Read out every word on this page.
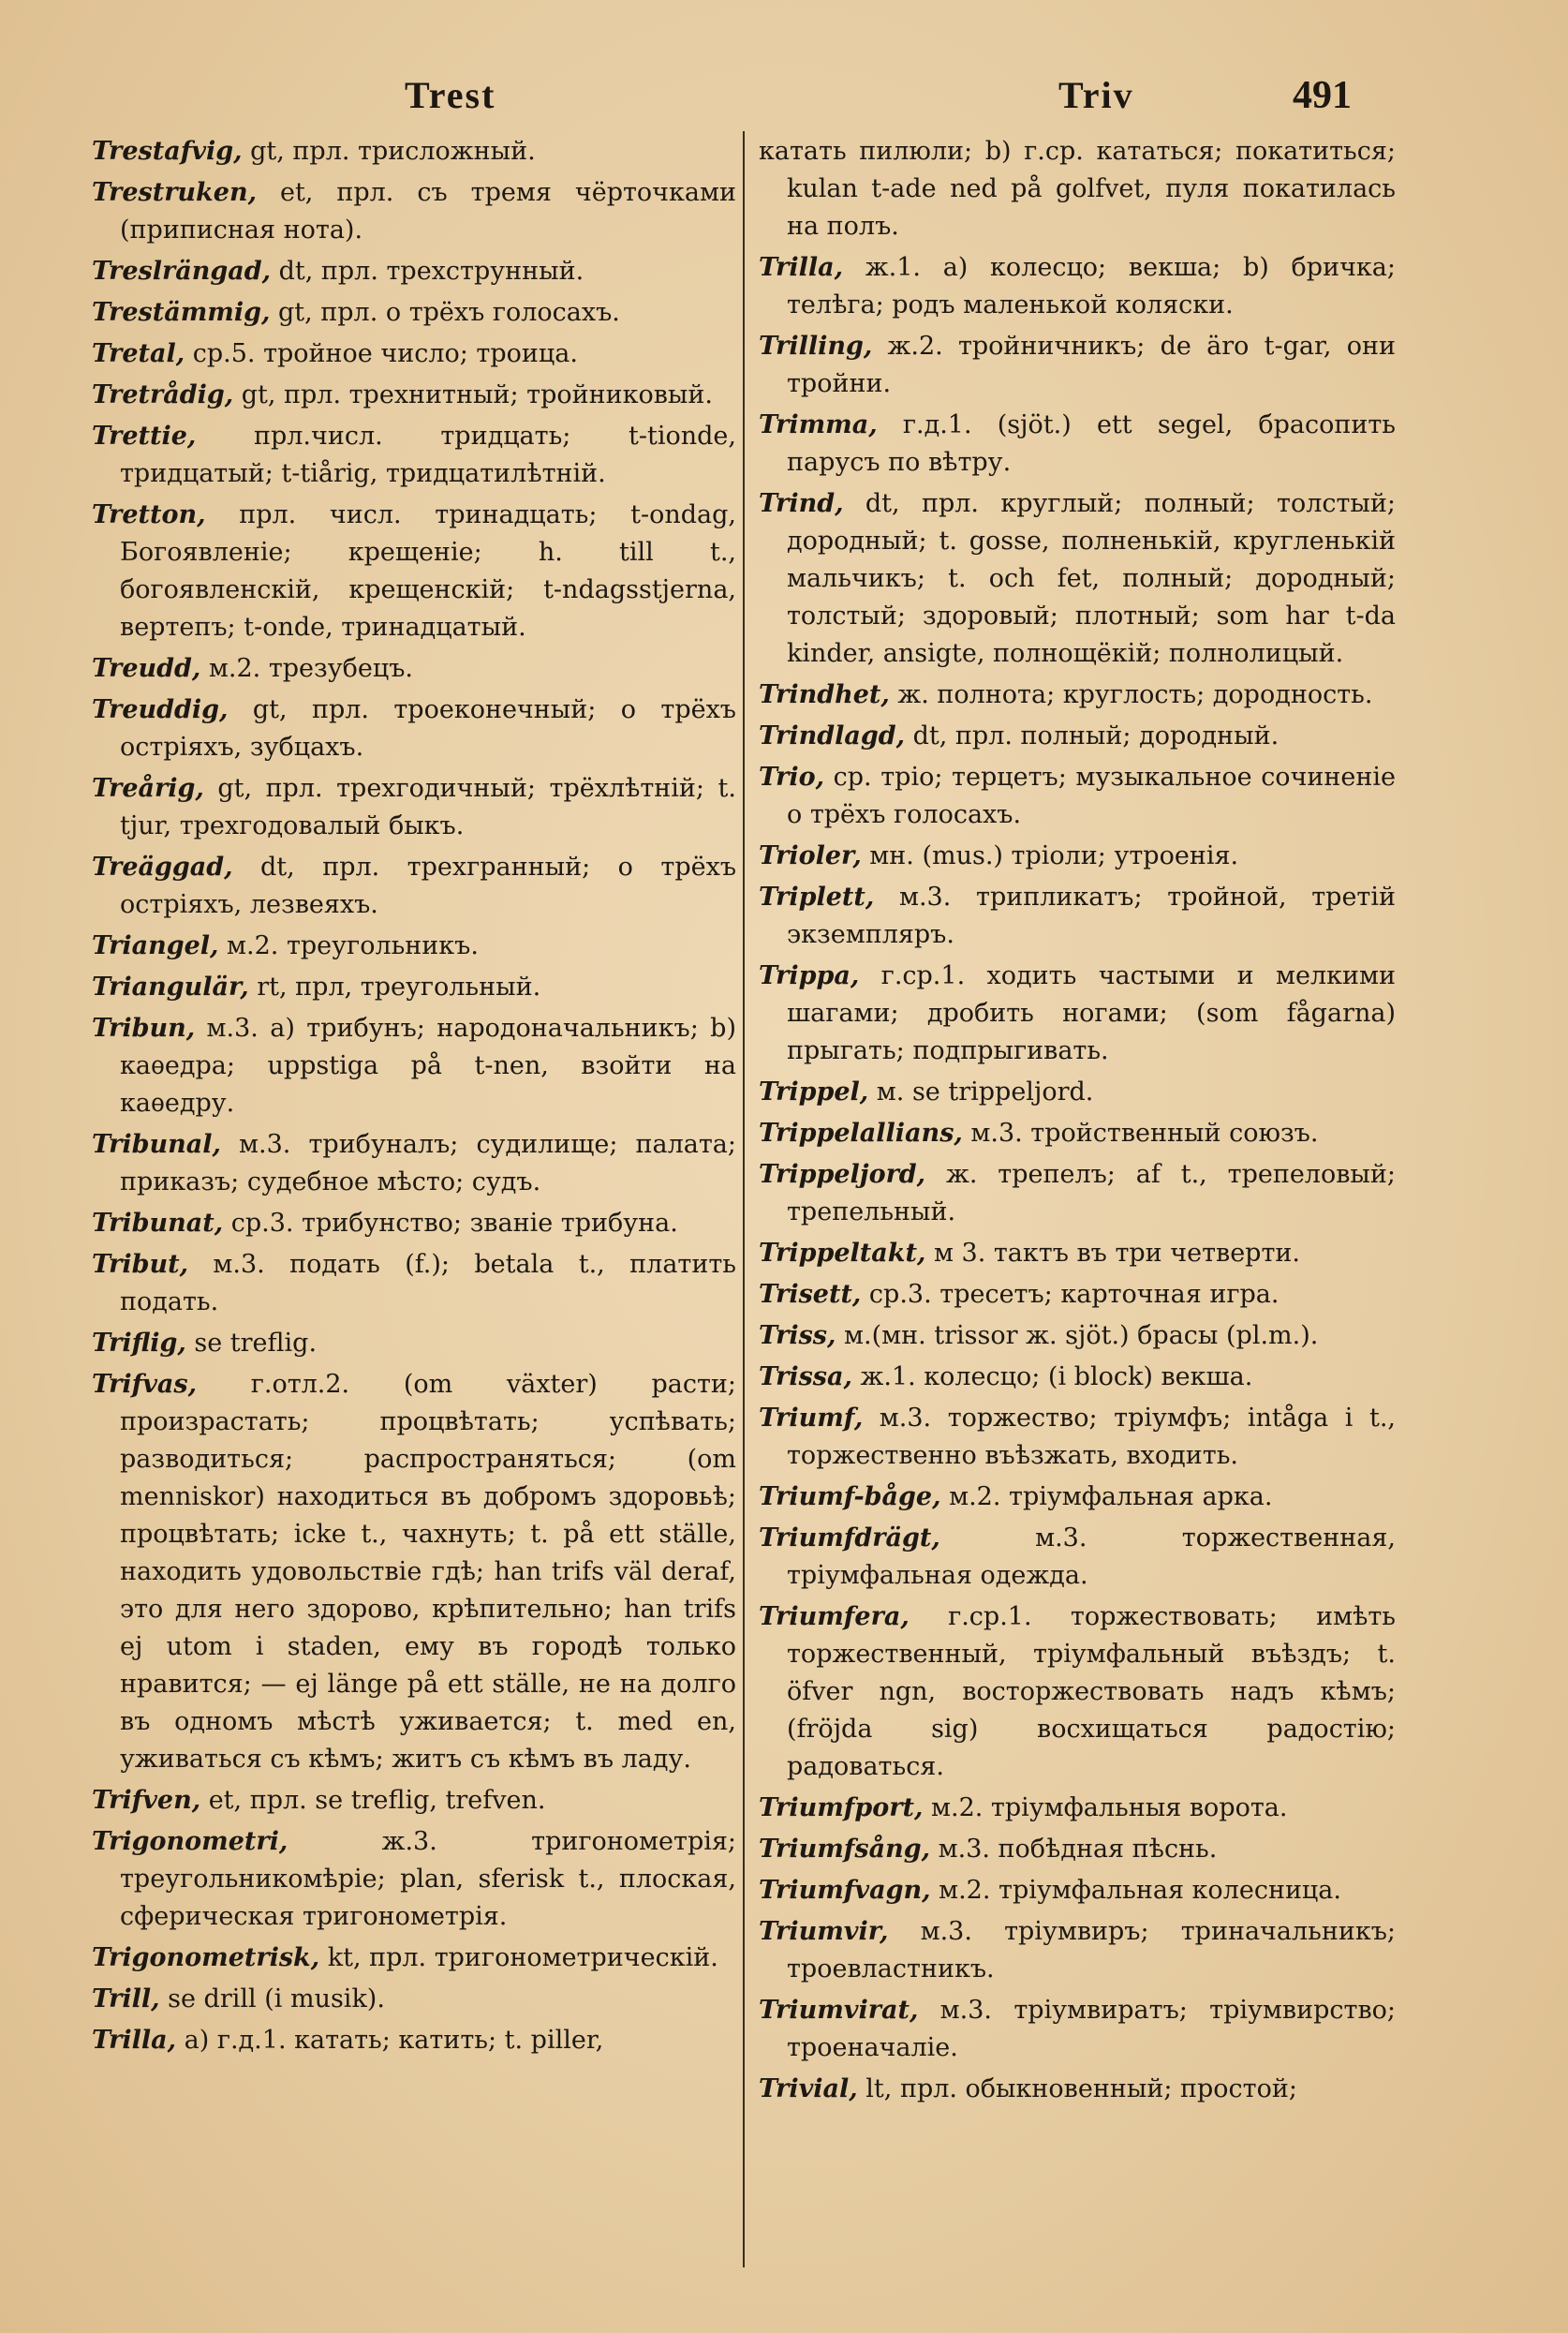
Trest	Triv	491
Trestafvig, gt, прл. трисложный.
Trestruken, et, прл. съ тремя чёрточками (приписная нота).
Treslrängad, dt, прл. трехструнный.
Trestämmig, gt, прл. о трёхъ голосахъ.
Tretal, ср.5. тройное число; троица.
Tretrådig, gt, прл. трехнитный; тройниковый.
Trettie, прл.числ. тридцать; t-tionde, тридцатый; t-tiårig, тридцатилѣтній.
Tretton, прл. числ. тринадцать; t-ondag, Богоявленіе; крещеніе; h. till t., богоявленскій, крещенскій; t-ndagsstjerna, вертепъ; t-onde, тринадцатый.
Treudd, м.2. трезубецъ.
Treuddig, gt, прл. троеконечный; о трёхъ остріяхъ, зубцахъ.
Treårig, gt, прл. трехгодичный; трёхлѣтній; t. tjur, трехгодовалый быкъ.
Treäggad, dt, прл. трехгранный; о трёхъ остріяхъ, лезвеяхъ.
Triangel, м.2. треугольникъ.
Triangulär, rt, прл, треугольный.
Tribun, м.3. а) трибунъ; народоначальникъ; b) каѳедра; uppstiga på t-nen, взойти на каѳедру.
Tribunal, м.3. трибуналъ; судилище; палата; приказъ; судебное мѣсто; судъ.
Tribunat, ср.3. трибунство; званіе трибуна.
Tribut, м.3. подать (f.); betala t., платить подать.
Triflig, se treflig.
Trifvas, г.отл.2. (om växter) расти; произрастать; процвѣтать; успѣвать; разводиться; распространяться; (om menniskor) находиться въ добромъ здоровьѣ; процвѣтать; icke t., чахнуть; t. på ett ställe, находить удовольствіе гдѣ; han trifs väl deraf, это для него здорово, крѣпительно; han trifs ej utom i staden, ему въ городѣ только нравится; — ej länge på ett ställe, не на долго въ одномъ мѣстѣ уживается; t. med en, уживаться съ кѣмъ; житъ съ кѣмъ въ ладу.
Trifven, et, прл. se treflig, trefven.
Trigonometri, ж.3. тригонометрія; треугольникомѣріе; plan, sferisk t., плоская, сферическая тригонометрія.
Trigonometrisk, kt, прл. тригонометрическій.
Trill, se drill (i musik).
Trilla, а) г.д.1. катать; катить; t. piller,
катать пилюли; b) г.ср. кататься; покатиться; kulan t-ade ned på golfvet, пуля покатилась на полъ.
Trilla, ж.1. а) колесцо; векша; b) бричка; телѣга; родъ маленькой коляски.
Trilling, ж.2. тройничникъ; de äro t-gar, они тройни.
Trimma, г.д.1. (sjöt.) ett segel, брасопить парусъ по вѣтру.
Trind, dt, прл. круглый; полный; толстый; дородный; t. gosse, полненькій, кругленькій мальчикъ; t. och fet, полный; дородный; толстый; здоровый; плотный; som har t-da kinder, ansigte, полнощёкій; полнолицый.
Trindhet, ж. полнота; круглость; дородность.
Trindlagd, dt, прл. полный; дородный.
Trio, ср. тріо; терцетъ; музыкальное сочиненіе о трёхъ голосахъ.
Trioler, мн. (mus.) тріоли; утроенія.
Triplett, м.3. трипликатъ; тройной, третій экземпляръ.
Trippa, г.ср.1. ходить частыми и мелкими шагами; дробить ногами; (som fågarna) прыгать; подпрыгивать.
Trippel, м. se trippeljord.
Trippelallians, м.3. тройственный союзъ.
Trippeljord, ж. трепелъ; af t., трепеловый; трепельный.
Trippeltakt, м 3. тактъ въ три четверти.
Trisett, ср.3. тресетъ; карточная игра.
Triss, м.(мн. trissor ж. sjöt.) брасы (pl.m.).
Trissa, ж.1. колесцо; (i block) векша.
Triumf, м.3. торжество; тріумфъ; intåga i t., торжественно въѣзжать, входить.
Triumf-båge, м.2. тріумфальная арка.
Triumfdrägt, м.3. торжественная, тріумфальная одежда.
Triumfera, г.ср.1. торжествовать; имѣть торжественный, тріумфальный въѣздъ; t. öfver ngn, восторжествовать надъ кѣмъ; (fröjda sig) восхищаться радостію; радоваться.
Triumfport, м.2. тріумфальныя ворота.
Triumfsång, м.3. побѣдная пѣснь.
Triumfvagn, м.2. тріумфальная колесница.
Triumvir, м.3. тріумвиръ; триначальникъ; троевластникъ.
Triumvirat, м.3. тріумвиратъ; тріумвирство; троеначаліе.
Trivial, lt, прл. обыкновенный; простой;
